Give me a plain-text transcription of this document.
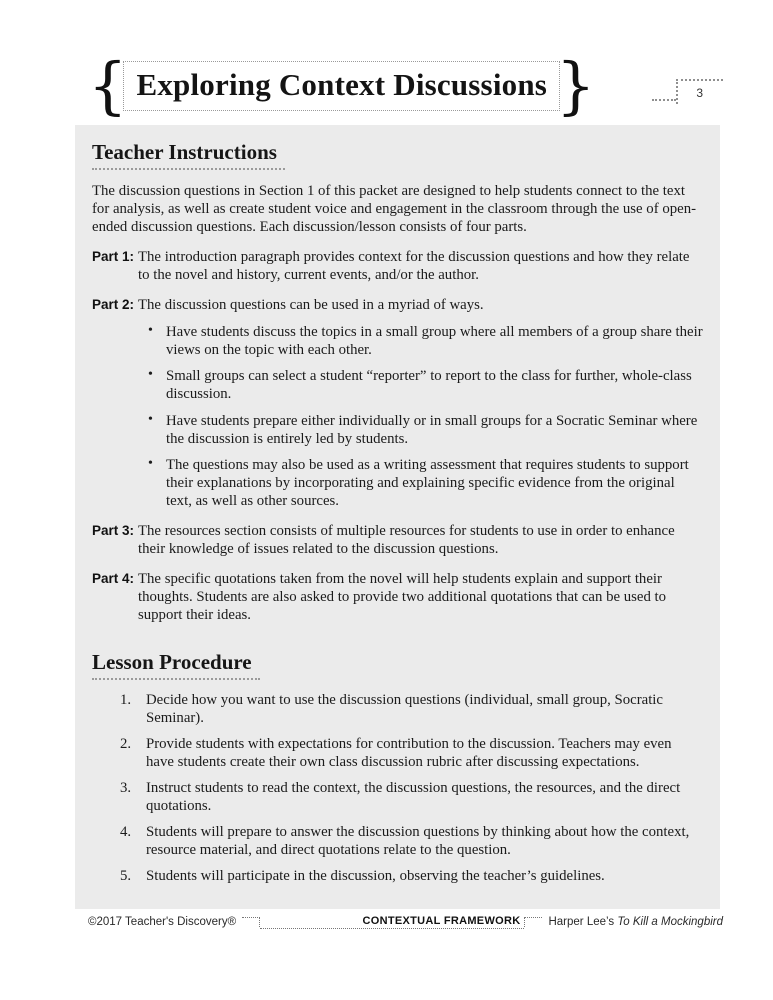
{ Exploring Context Discussions }	3
Teacher Instructions

The discussion questions in Section 1 of this packet are designed to help students connect to the text for analysis, as well as create student voice and engagement in the classroom through the use of open-ended discussion questions. Each discussion/lesson consists of four parts.

Part 1: The introduction paragraph provides context for the discussion questions and how they relate to the novel and history, current events, and/or the author.
Part 2: The discussion questions can be used in a myriad of ways.
• Have students discuss the topics in a small group where all members of a group share their views on the topic with each other.
• Small groups can select a student “reporter” to report to the class for further, whole-class discussion.
• Have students prepare either individually or in small groups for a Socratic Seminar where the discussion is entirely led by students.
• The questions may also be used as a writing assessment that requires students to support their explanations by incorporating and explaining specific evidence from the original text, as well as other sources.
Part 3: The resources section consists of multiple resources for students to use in order to enhance their knowledge of issues related to the discussion questions.
Part 4: The specific quotations taken from the novel will help students explain and support their thoughts. Students are also asked to provide two additional quotations that can be used to support their ideas.
Lesson Procedure
1.	Decide how you want to use the discussion questions (individual, small group, Socratic Seminar).
2.	Provide students with expectations for contribution to the discussion. Teachers may even have students create their own class discussion rubric after discussing expectations.
3.	Instruct students to read the context, the discussion questions, the resources, and the direct quotations.
4.	Students will prepare to answer the discussion questions by thinking about how the context, resource material, and direct quotations relate to the question.
5.	Students will participate in the discussion, observing the teacher’s guidelines.
©2017 Teacher's Discovery®	CONTEXTUAL FRAMEWORK Harper Lee’s To Kill a Mockingbird
